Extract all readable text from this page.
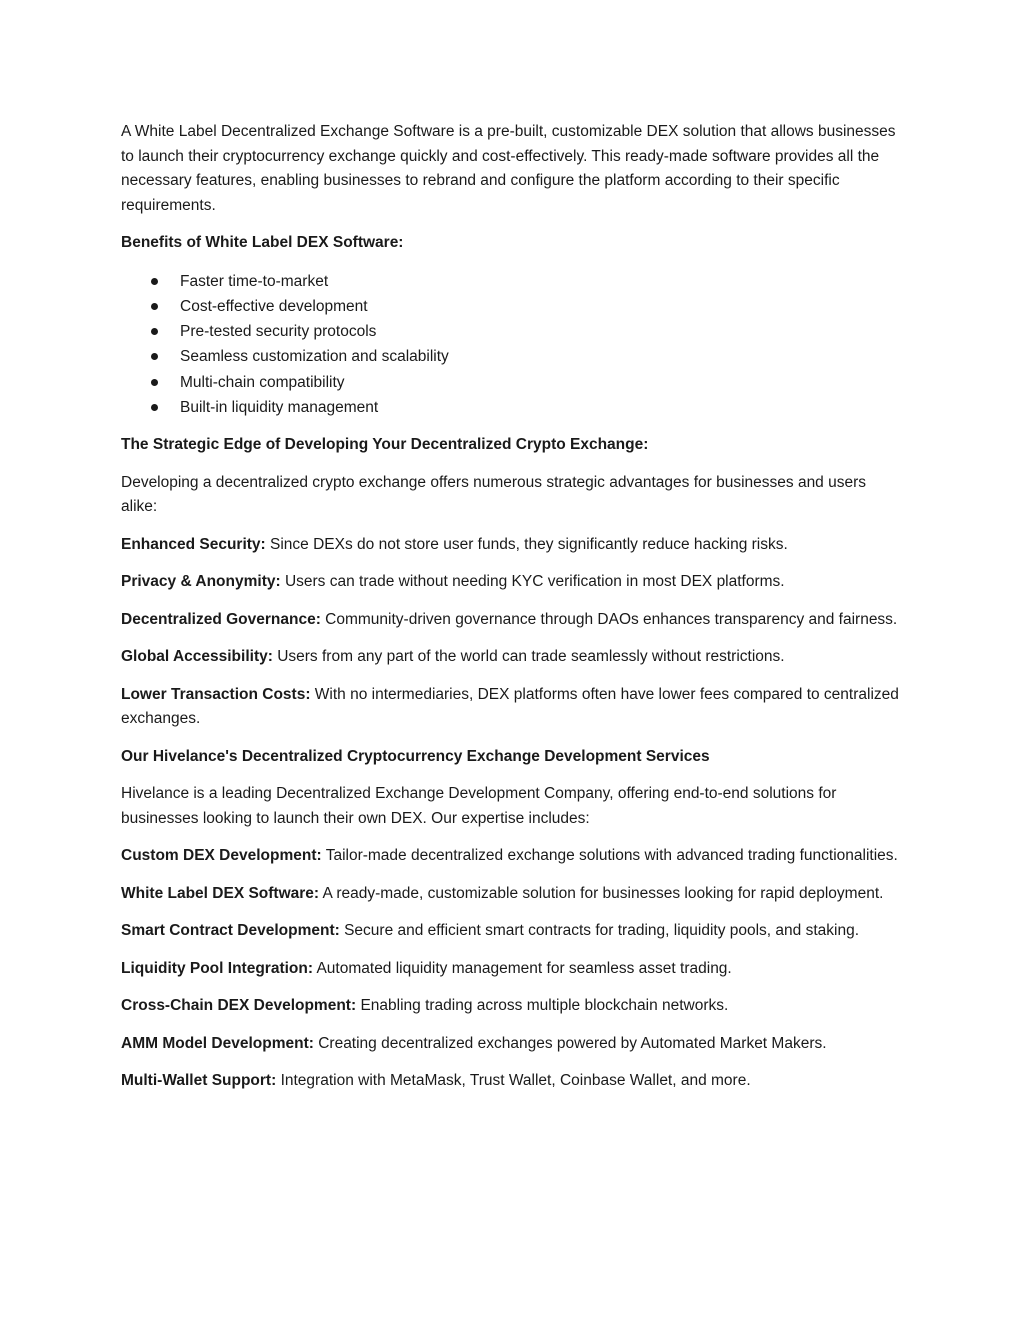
A White Label Decentralized Exchange Software is a pre-built, customizable DEX solution that allows businesses to launch their cryptocurrency exchange quickly and cost-effectively. This ready-made software provides all the necessary features, enabling businesses to rebrand and configure the platform according to their specific requirements.

Benefits of White Label DEX Software:

Faster time-to-market
Cost-effective development
Pre-tested security protocols
Seamless customization and scalability
Multi-chain compatibility
Built-in liquidity management

The Strategic Edge of Developing Your Decentralized Crypto Exchange:

Developing a decentralized crypto exchange offers numerous strategic advantages for businesses and users alike:

Enhanced Security: Since DEXs do not store user funds, they significantly reduce hacking risks.

Privacy & Anonymity: Users can trade without needing KYC verification in most DEX platforms.

Decentralized Governance: Community-driven governance through DAOs enhances transparency and fairness.

Global Accessibility: Users from any part of the world can trade seamlessly without restrictions.

Lower Transaction Costs: With no intermediaries, DEX platforms often have lower fees compared to centralized exchanges.

Our Hivelance's Decentralized Cryptocurrency Exchange Development Services

Hivelance is a leading Decentralized Exchange Development Company, offering end-to-end solutions for businesses looking to launch their own DEX. Our expertise includes:

Custom DEX Development: Tailor-made decentralized exchange solutions with advanced trading functionalities.

White Label DEX Software: A ready-made, customizable solution for businesses looking for rapid deployment.

Smart Contract Development: Secure and efficient smart contracts for trading, liquidity pools, and staking.

Liquidity Pool Integration: Automated liquidity management for seamless asset trading.

Cross-Chain DEX Development: Enabling trading across multiple blockchain networks.

AMM Model Development: Creating decentralized exchanges powered by Automated Market Makers.

Multi-Wallet Support: Integration with MetaMask, Trust Wallet, Coinbase Wallet, and more.
